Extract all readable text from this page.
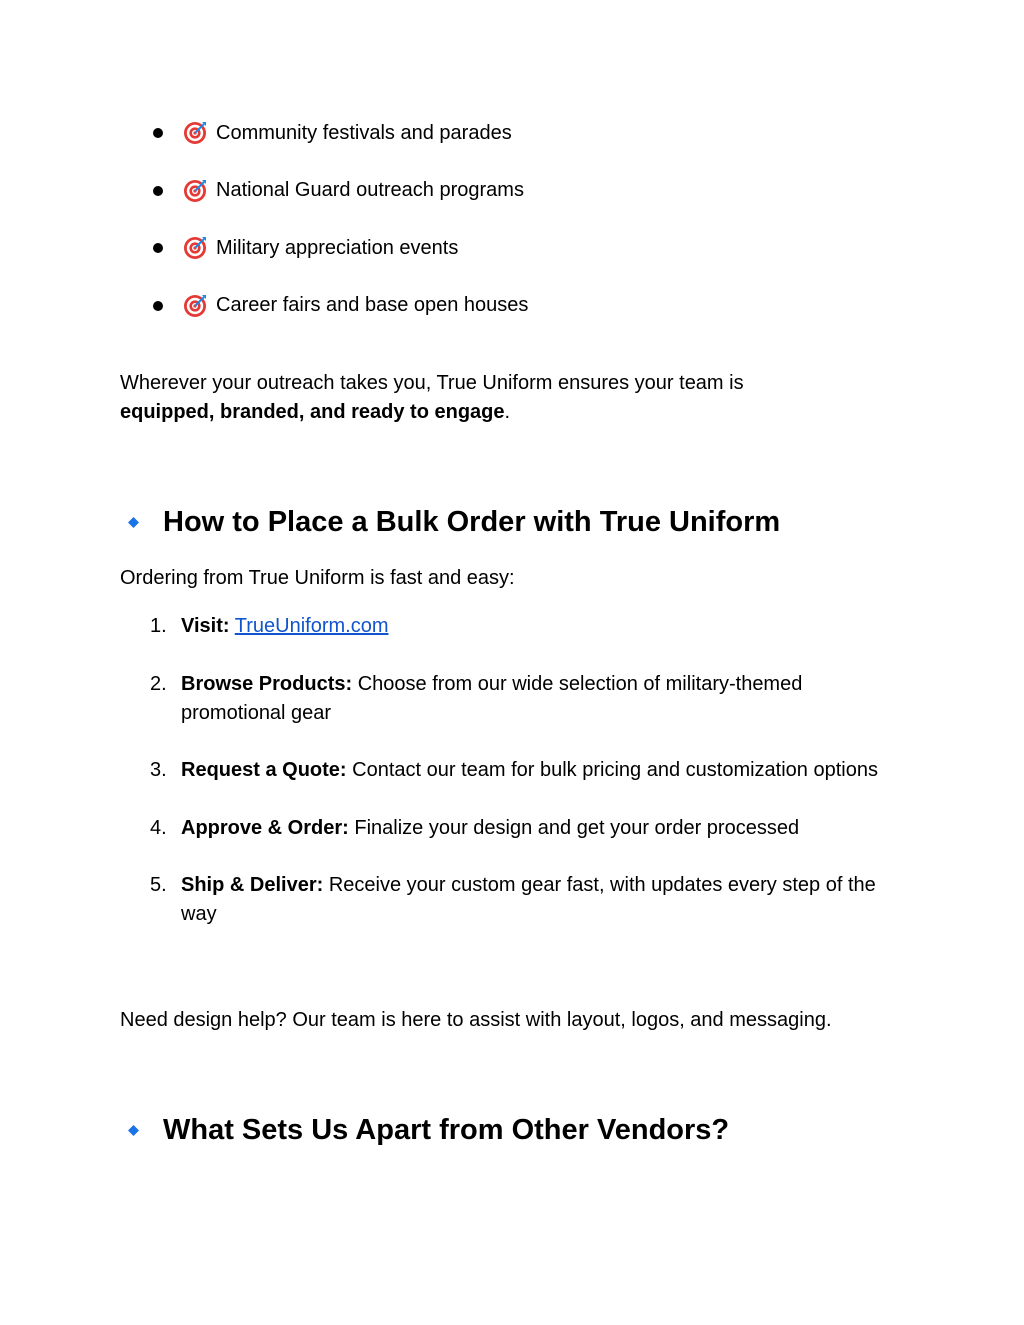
Community festivals and parades
National Guard outreach programs
Military appreciation events
Career fairs and base open houses

Wherever your outreach takes you, True Uniform ensures your team is
equipped, branded, and ready to engage.

How to Place a Bulk Order with True Uniform

Ordering from True Uniform is fast and easy:

1. Visit: TrueUniform.com
2. Browse Products: Choose from our wide selection of military-themed promotional gear
3. Request a Quote: Contact our team for bulk pricing and customization options
4. Approve & Order: Finalize your design and get your order processed
5. Ship & Deliver: Receive your custom gear fast, with updates every step of the way

Need design help? Our team is here to assist with layout, logos, and messaging.

What Sets Us Apart from Other Vendors?
